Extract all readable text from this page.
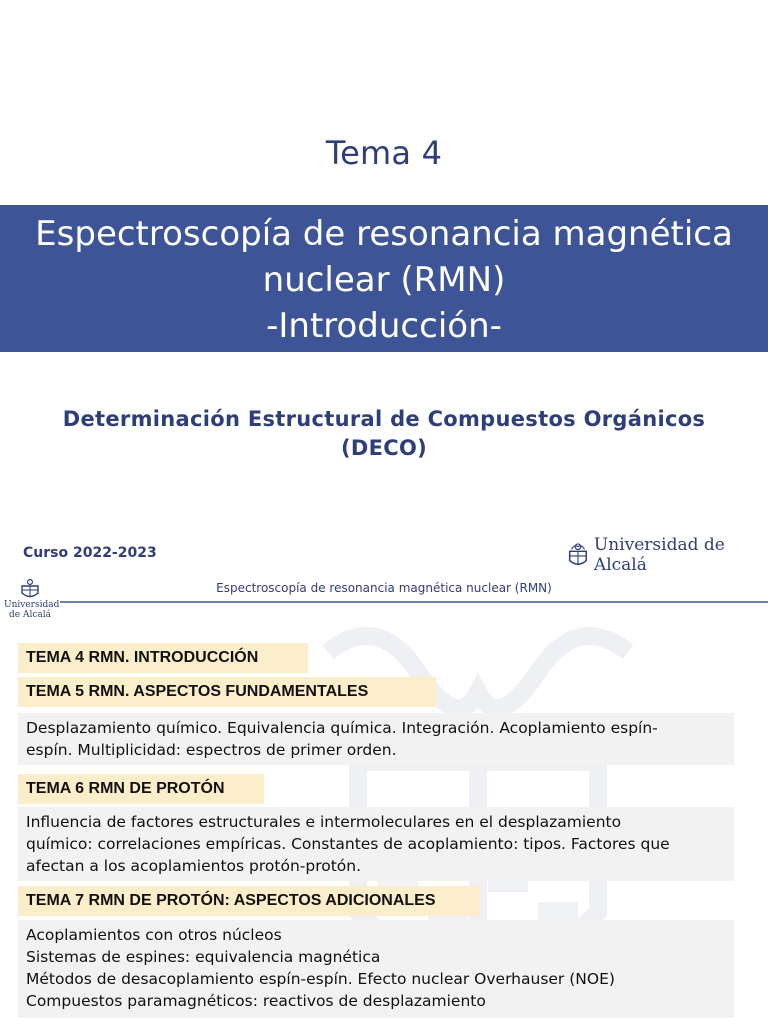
Tema 4
Espectroscopía de resonancia magnética
nuclear (RMN)
-Introducción-
Determinación Estructural de Compuestos Orgánicos
(DECO)
Curso 2022-2023	Universidad de Alcalá
Universidad
de Alcalá
Espectroscopía de resonancia magnética nuclear (RMN)
TEMA 4 RMN. INTRODUCCIÓN
TEMA 5 RMN. ASPECTOS FUNDAMENTALES
Desplazamiento químico. Equivalencia química. Integración. Acoplamiento espín-
espín. Multiplicidad: espectros de primer orden.
TEMA 6 RMN DE PROTÓN
Influencia de factores estructurales e intermoleculares en el desplazamiento
químico: correlaciones empíricas. Constantes de acoplamiento: tipos. Factores que
afectan a los acoplamientos protón-protón.
TEMA 7 RMN DE PROTÓN: ASPECTOS ADICIONALES
Acoplamientos con otros núcleos
Sistemas de espines: equivalencia magnética
Métodos de desacoplamiento espín-espín. Efecto nuclear Overhauser (NOE)
Compuestos paramagnéticos: reactivos de desplazamiento
